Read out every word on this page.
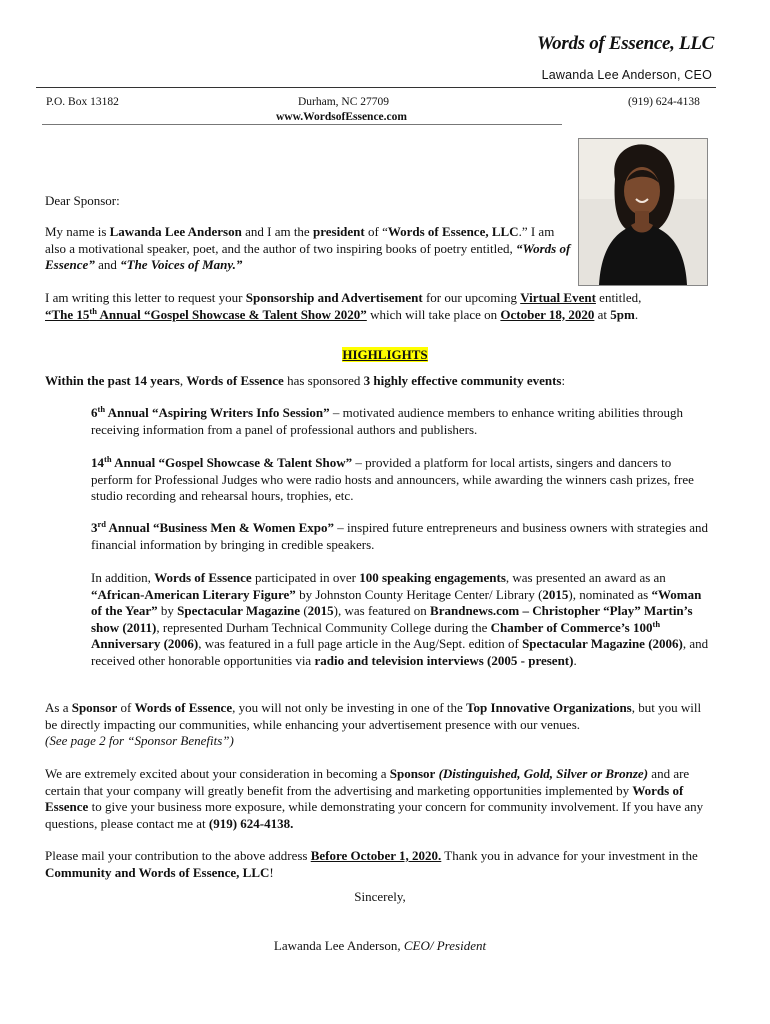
Words of Essence, LLC
Lawanda Lee Anderson, CEO
P.O. Box 13182	Durham, NC 27709	(919) 624-4138
www.WordsofEssence.com
Dear Sponsor:
My name is Lawanda Lee Anderson and I am the president of “Words of Essence, LLC.” I am also a motivational speaker, poet, and the author of two inspiring books of poetry entitled, “Words of Essence” and “The Voices of Many.”
I am writing this letter to request your Sponsorship and Advertisement for our upcoming Virtual Event entitled,
“The 15th Annual “Gospel Showcase & Talent Show 2020” which will take place on October 18, 2020 at 5pm.
HIGHLIGHTS
Within the past 14 years, Words of Essence has sponsored 3 highly effective community events:
6th Annual “Aspiring Writers Info Session” – motivated audience members to enhance writing abilities through receiving information from a panel of professional authors and publishers.
14th Annual “Gospel Showcase & Talent Show” – provided a platform for local artists, singers and dancers to perform for Professional Judges who were radio hosts and announcers, while awarding the winners cash prizes, free studio recording and rehearsal hours, trophies, etc.
3rd Annual “Business Men & Women Expo” – inspired future entrepreneurs and business owners with strategies and financial information by bringing in credible speakers.
In addition, Words of Essence participated in over 100 speaking engagements, was presented an award as an “African-American Literary Figure” by Johnston County Heritage Center/ Library (2015), nominated as “Woman of the Year” by Spectacular Magazine (2015), was featured on Brandnews.com – Christopher “Play” Martin’s show (2011), represented Durham Technical Community College during the Chamber of Commerce’s 100th Anniversary (2006), was featured in a full page article in the Aug/Sept. edition of Spectacular Magazine (2006), and received other honorable opportunities via radio and television interviews (2005 - present).
As a Sponsor of Words of Essence, you will not only be investing in one of the Top Innovative Organizations, but you will be directly impacting our communities, while enhancing your advertisement presence with our venues.
(See page 2 for “Sponsor Benefits”)
We are extremely excited about your consideration in becoming a Sponsor (Distinguished, Gold, Silver or Bronze) and are certain that your company will greatly benefit from the advertising and marketing opportunities implemented by Words of Essence to give your business more exposure, while demonstrating your concern for community involvement. If you have any questions, please contact me at (919) 624-4138.
Please mail your contribution to the above address Before October 1, 2020. Thank you in advance for your investment in the Community and Words of Essence, LLC!
Sincerely,
Lawanda Lee Anderson, CEO/ President
